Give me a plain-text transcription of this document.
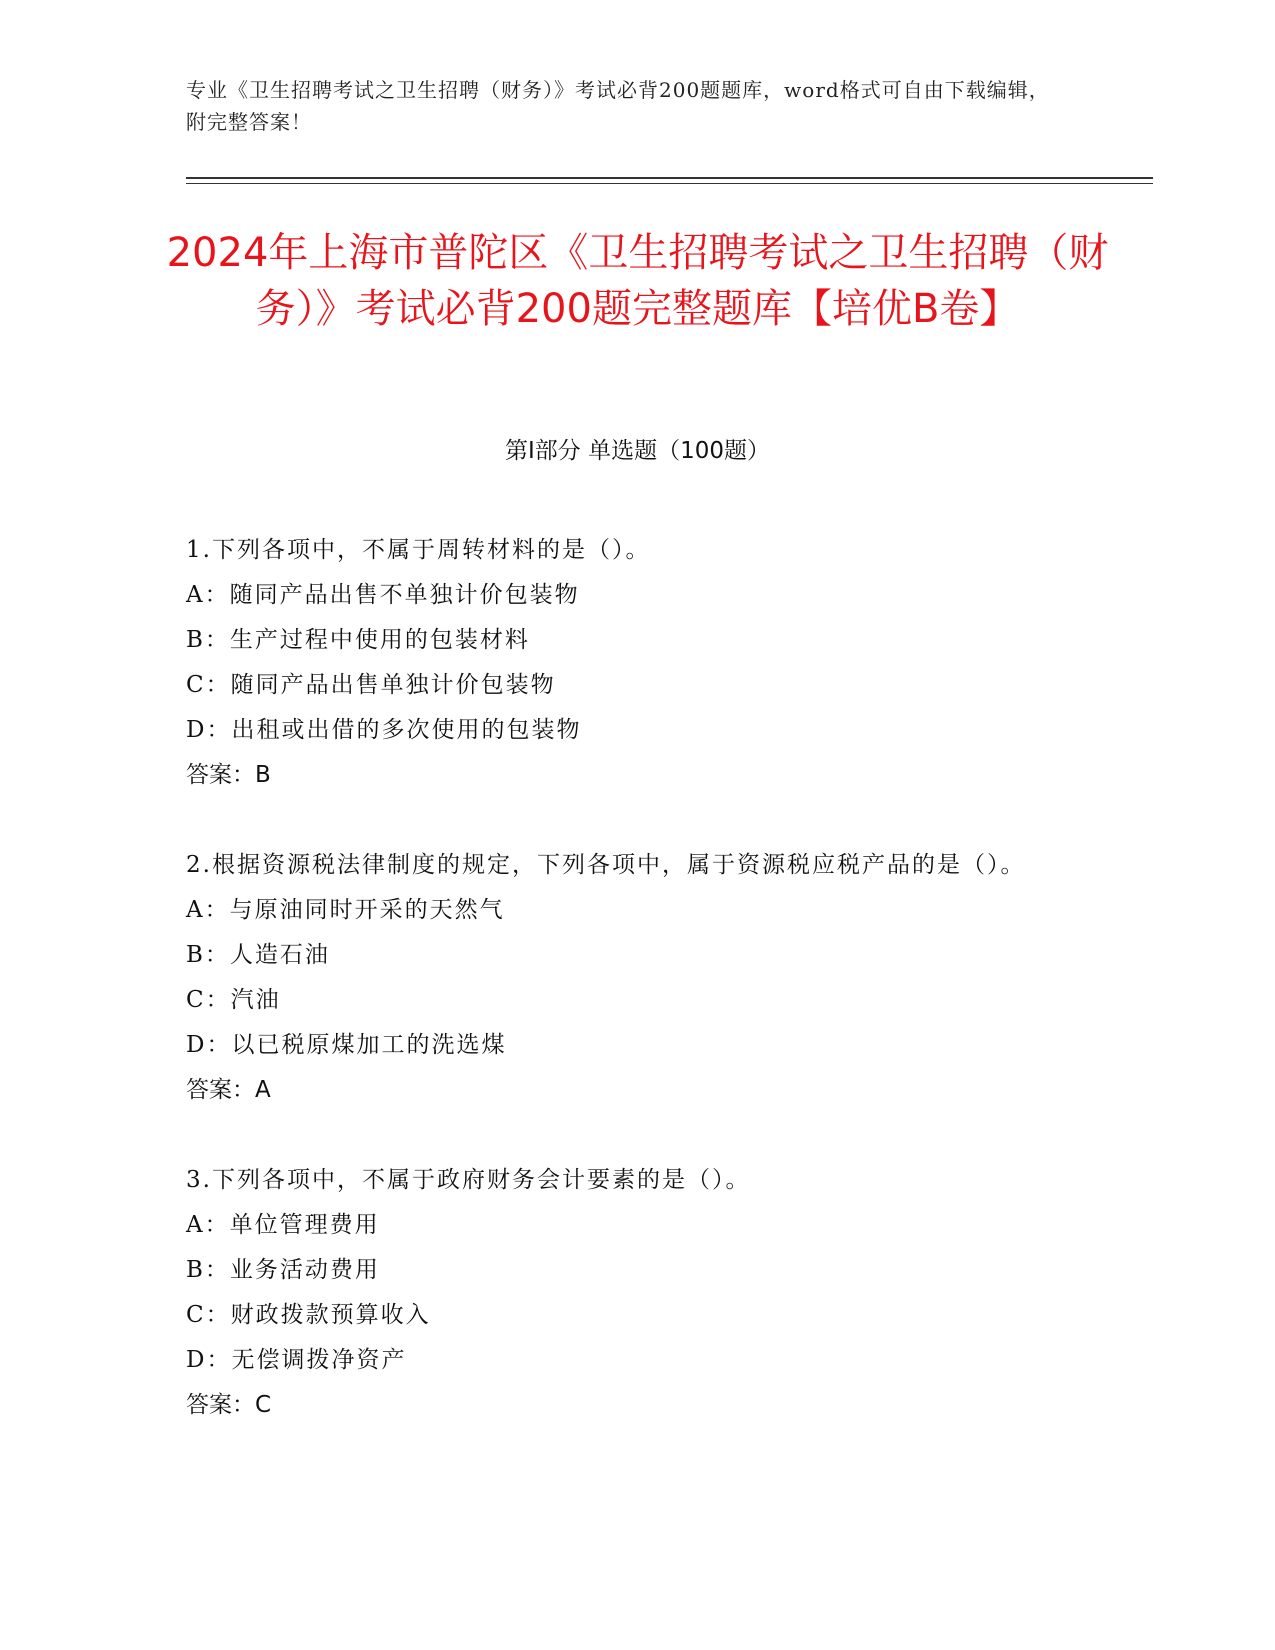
专业《卫生招聘考试之卫生招聘（财务）》考试必背200题题库，word格式可自由下载编辑，附完整答案！
2024年上海市普陀区《卫生招聘考试之卫生招聘（财务）》考试必背200题完整题库【培优B卷】
第Ⅰ部分 单选题（100题）
1.下列各项中，不属于周转材料的是（）。
A：随同产品出售不单独计价包装物
B：生产过程中使用的包装材料
C：随同产品出售单独计价包装物
D：出租或出借的多次使用的包装物
答案：B
2.根据资源税法律制度的规定，下列各项中，属于资源税应税产品的是（）。
A：与原油同时开采的天然气
B：人造石油
C：汽油
D：以已税原煤加工的洗选煤
答案：A
3.下列各项中，不属于政府财务会计要素的是（）。
A：单位管理费用
B：业务活动费用
C：财政拨款预算收入
D：无偿调拨净资产
答案：C
